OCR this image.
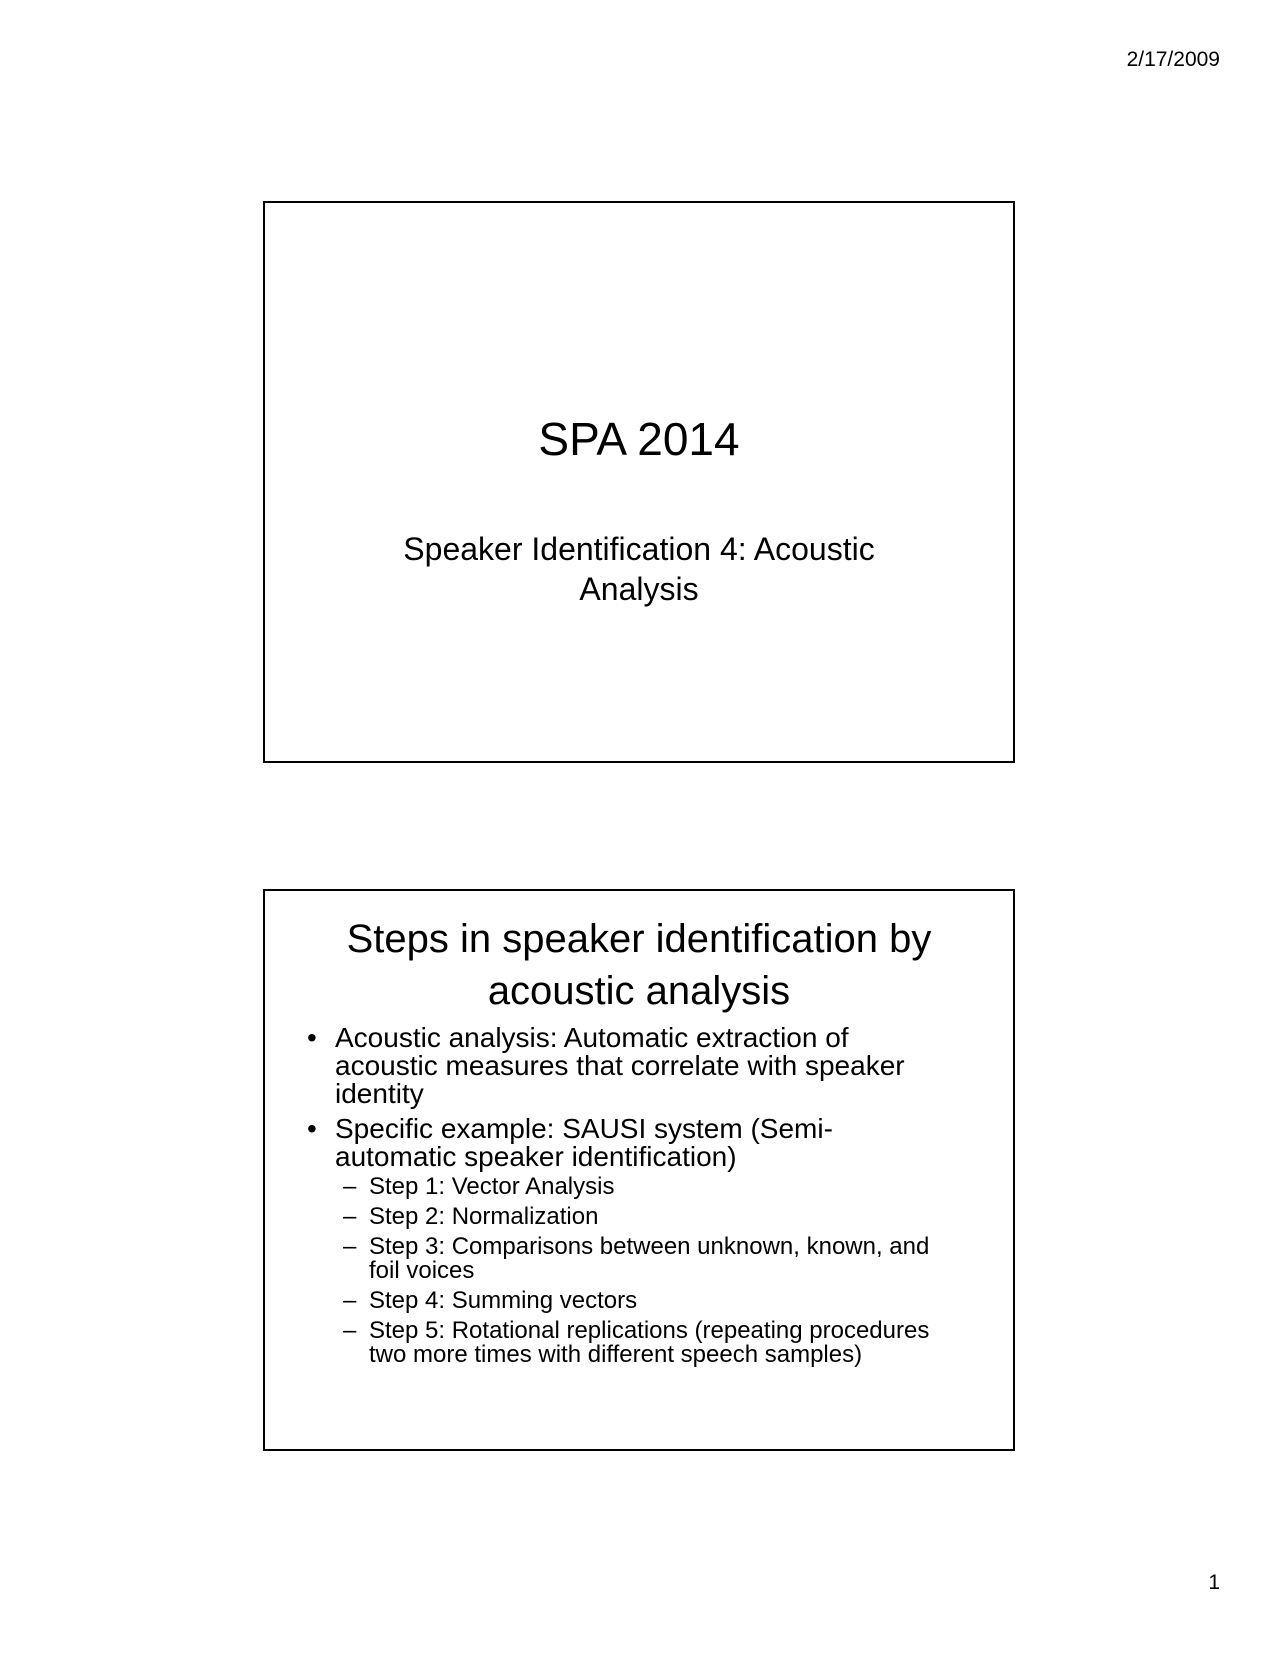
2/17/2009
SPA 2014
Speaker Identification 4: Acoustic
Analysis
Steps in speaker identification by
acoustic analysis
• Acoustic analysis: Automatic extraction of
acoustic measures that correlate with speaker
identity
• Specific example: SAUSI system (Semi-
automatic speaker identification)
– Step 1: Vector Analysis
– Step 2: Normalization
– Step 3: Comparisons between unknown, known, and
foil voices
– Step 4: Summing vectors
– Step 5: Rotational replications (repeating procedures
two more times with different speech samples)
1
